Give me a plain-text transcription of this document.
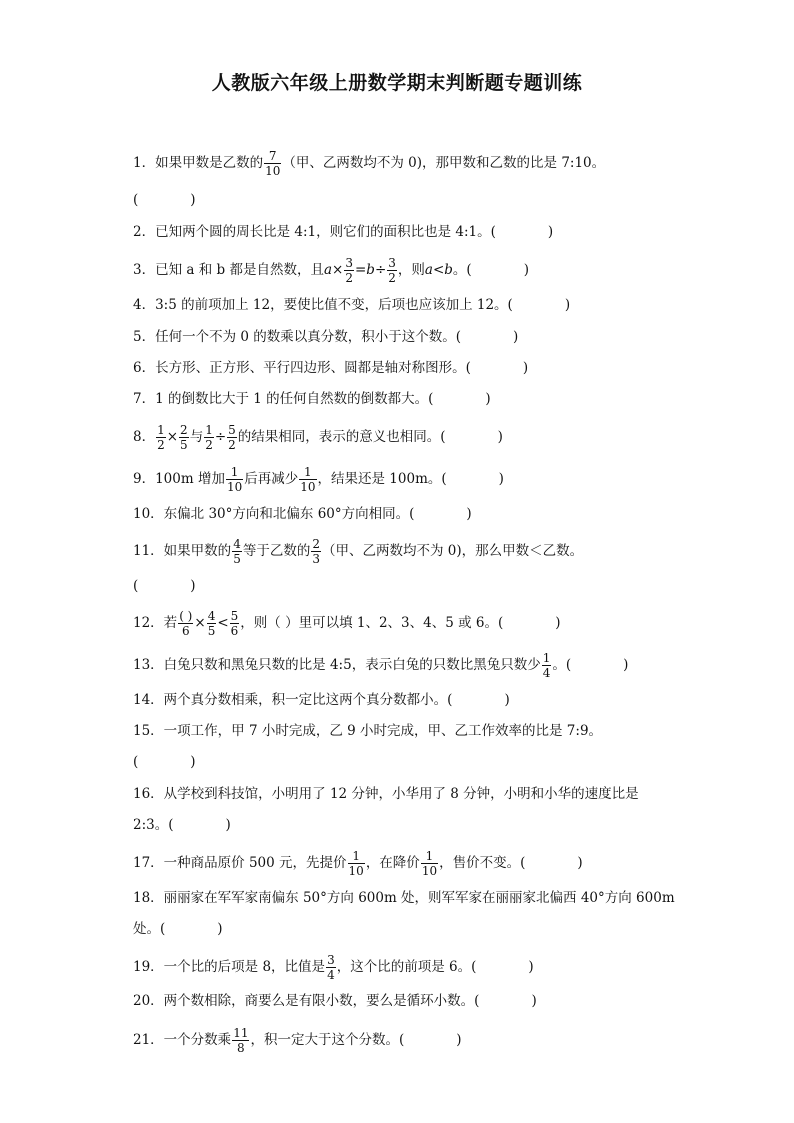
人教版六年级上册数学期末判断题专题训练
1．如果甲数是乙数的 $\frac{7}{10}$ （甲、乙两数均不为 0)，那甲数和乙数的比是 7:10。
(	)
2．已知两个圆的周长比是 4:1，则它们的面积比也是 4:1。(	)
3．已知 a 和 b 都是自然数，且$a\times \frac{3}{2} =b\div \frac{3}{2}$ ，则a<b。(	)
4．3:5 的前项加上 12，要使比值不变，后项也应该加上 12。(	)
5．任何一个不为 0 的数乘以真分数，积小于这个数。(	)
6．长方形、正方形、平行四边形、圆都是轴对称图形。(	)
7．1 的倒数比大于 1 的任何自然数的倒数都大。(	)
8． $\frac{1}{2} \times \frac{2}{5}$ 与 $\frac{1}{2} \div \frac{5}{2}$ 的结果相同，表示的意义也相同。(	)
9．100m 增加 $\frac{1}{10}$ 后再减少 $\frac{1}{10}$ ，结果还是 100m。(	)
10．东偏北 30°方向和北偏东 60°方向相同。(	)
11．如果甲数的 $\frac{4}{5}$ 等于乙数的 $\frac{2}{3}$ （甲、乙两数均不为 0)，那么甲数＜乙数。
(	)
12．若 $\frac{( )}{6} \times \frac{4}{5} < \frac{5}{6}$ ，则（ ）里可以填 1、2、3、4、5 或 6。(	)
13．白兔只数和黑兔只数的比是 4:5，表示白兔的只数比黑兔只数少 $\frac{1}{4}$ 。(	)
14．两个真分数相乘，积一定比这两个真分数都小。(	)
15．一项工作，甲 7 小时完成，乙 9 小时完成，甲、乙工作效率的比是 7:9。
(	)
16．从学校到科技馆，小明用了 12 分钟，小华用了 8 分钟，小明和小华的速度比是
2:3。(	)
17．一种商品原价 500 元，先提价 $\frac{1}{10}$ ，在降价 $\frac{1}{10}$ ，售价不变。(	)
18．丽丽家在军军家南偏东 50°方向 600m 处，则军军家在丽丽家北偏西 40°方向 600m
处。(	)
19．一个比的后项是 8，比值是 $\frac{3}{4}$ ，这个比的前项是 6。(	)
20．两个数相除，商要么是有限小数，要么是循环小数。(	)
21．一个分数乘 $\frac{11}{8}$ ，积一定大于这个分数。(	)
